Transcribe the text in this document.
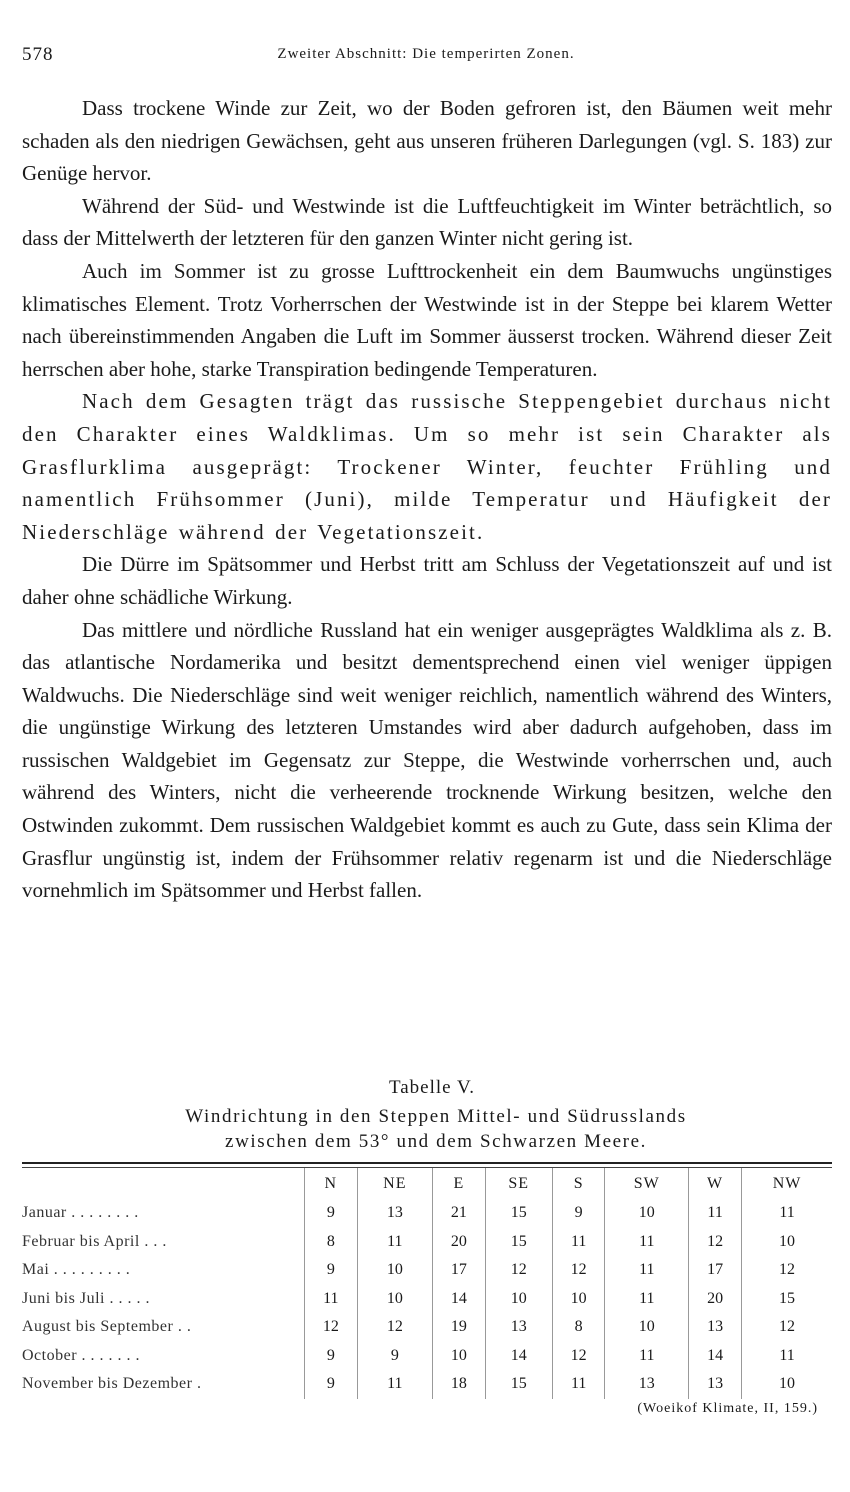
578	Zweiter Abschnitt: Die temperirten Zonen.

Dass trockene Winde zur Zeit, wo der Boden gefroren ist, den Bäumen weit mehr schaden als den niedrigen Gewächsen, geht aus unseren früheren Darlegungen (vgl. S. 183) zur Genüge hervor.

Während der Süd- und Westwinde ist die Luftfeuchtigkeit im Winter beträchtlich, so dass der Mittelwerth der letzteren für den ganzen Winter nicht gering ist.

Auch im Sommer ist zu grosse Lufttrockenheit ein dem Baumwuchs ungünstiges klimatisches Element. Trotz Vorherrschen der Westwinde ist in der Steppe bei klarem Wetter nach übereinstimmenden Angaben die Luft im Sommer äusserst trocken. Während dieser Zeit herrschen aber hohe, starke Transpiration bedingende Temperaturen.

Nach dem Gesagten trägt das russische Steppengebiet durchaus nicht den Charakter eines Waldklimas. Um so mehr ist sein Charakter als Grasflurklima ausgeprägt: Trockener Winter, feuchter Frühling und namentlich Frühsommer (Juni), milde Temperatur und Häufigkeit der Niederschläge während der Vegetationszeit.

Die Dürre im Spätsommer und Herbst tritt am Schluss der Vegetationszeit auf und ist daher ohne schädliche Wirkung.

Das mittlere und nördliche Russland hat ein weniger ausgeprägtes Waldklima als z. B. das atlantische Nordamerika und besitzt dementsprechend einen viel weniger üppigen Waldwuchs. Die Niederschläge sind weit weniger reichlich, namentlich während des Winters, die ungünstige Wirkung des letzteren Umstandes wird aber dadurch aufgehoben, dass im russischen Waldgebiet im Gegensatz zur Steppe, die Westwinde vorherrschen und, auch während des Winters, nicht die verheerende trocknende Wirkung besitzen, welche den Ostwinden zukommt. Dem russischen Waldgebiet kommt es auch zu Gute, dass sein Klima der Grasflur ungünstig ist, indem der Frühsommer relativ regenarm ist und die Niederschläge vornehmlich im Spätsommer und Herbst fallen.

Tabelle V.
Windrichtung in den Steppen Mittel- und Südrusslands
zwischen dem 53° und dem Schwarzen Meere.
	N	NE	E	SE	S	SW	W	NW
Januar . . . . . . . .	9	13	21	15	9	10	11	11
Februar bis April . . .	8	11	20	15	11	11	12	10
Mai . . . . . . . . .	9	10	17	12	12	11	17	12
Juni bis Juli . . . . .	11	10	14	10	10	11	20	15
August bis September . .	12	12	19	13	8	10	13	12
October . . . . . . .	9	9	10	14	12	11	14	11
November bis Dezember .	9	11	18	15	11	13	13	10
(Woeikof Klimate, II, 159.)
